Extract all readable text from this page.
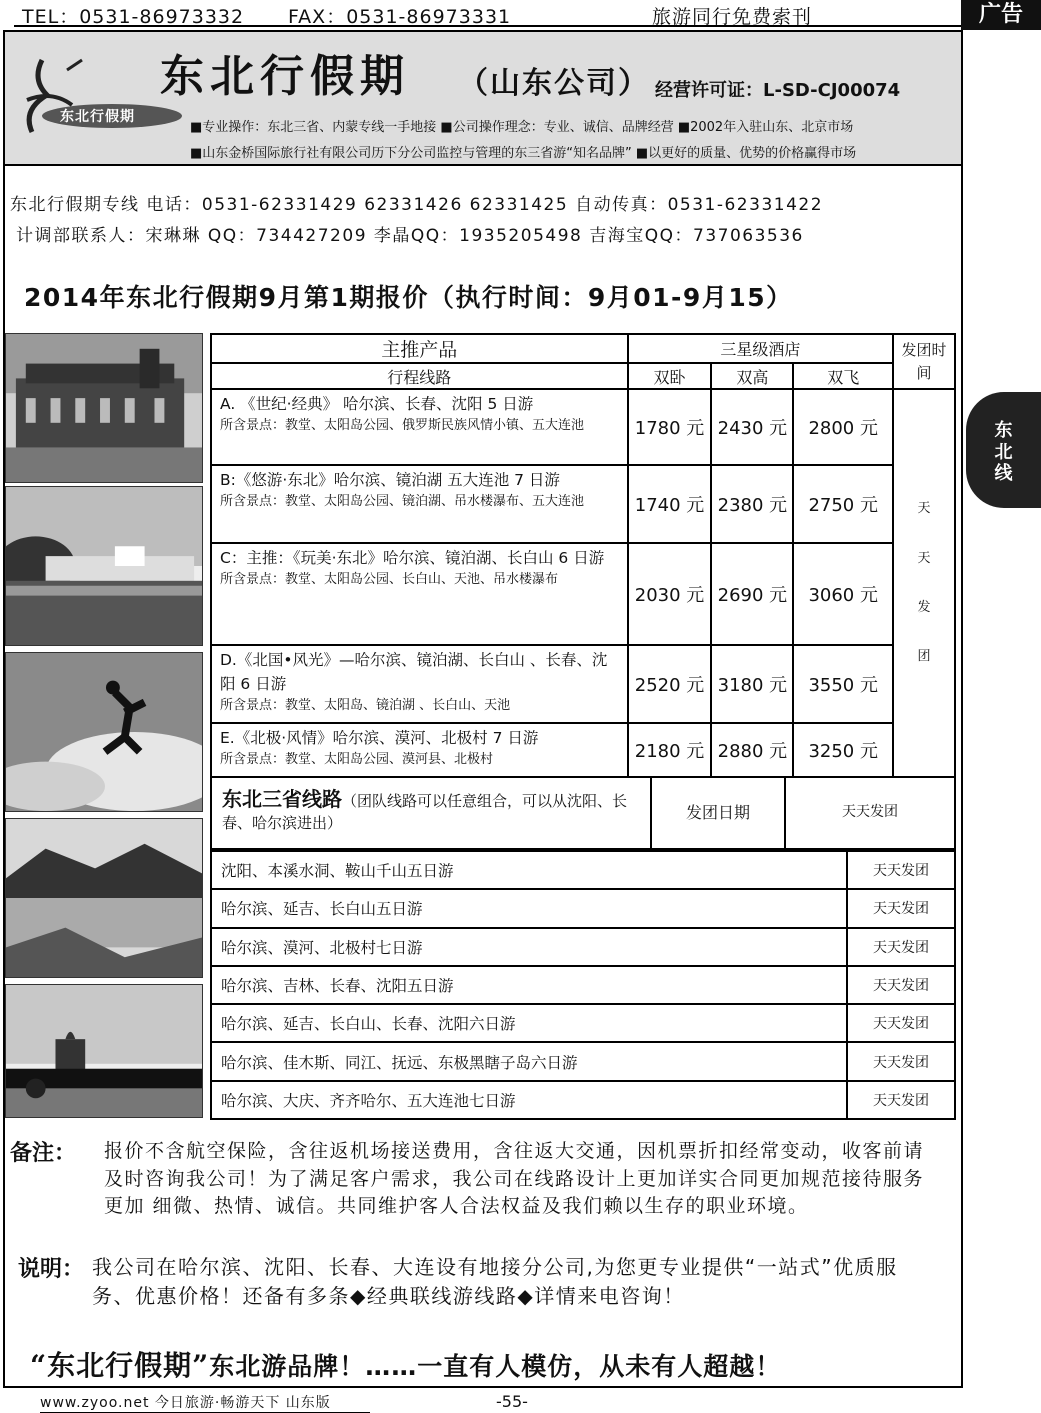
TEL：0531-86973332 FAX：0531-86973331	旅游同行免费索刊	广告
东北行假期
东北行假期 （山东公司） 经营许可证：L-SD-CJ00074
■专业操作：东北三省、内蒙专线一手地接 ■公司操作理念：专业、诚信、品牌经营 ■2002年入驻山东、北京市场
■山东金桥国际旅行社有限公司历下分公司监控与管理的东三省游“知名品牌” ■以更好的质量、优势的价格赢得市场
东北行假期专线 电话：0531-62331429 62331426 62331425 自动传真：0531-62331422
计调部联系人：宋琳琳 QQ：734427209 李晶QQ：1935205498 吉海宝QQ：737063536
2014年东北行假期9月第1期报价（执行时间：9月01-9月15）
主推产品	三星级酒店			发团时间
行程线路	双卧	双高	双飞	

A. 《世纪·经典》 哈尔滨、长春、沈阳 5 日游
所含景点：教堂、太阳岛公园、俄罗斯民族风情小镇、五大连池	1780 元	2430 元	2800 元	天天发团

B:《悠游·东北》哈尔滨、镜泊湖 五大连池 7 日游
所含景点：教堂、太阳岛公园、镜泊湖、吊水楼瀑布、五大连池	1740 元	2380 元	2750 元	

C：主推：《玩美·东北》哈尔滨、镜泊湖、长白山 6 日游
所含景点：教堂、太阳岛公园、长白山、天池、吊水楼瀑布	2030 元	2690 元	3060 元	

D.《北国•风光》—哈尔滨、镜泊湖、长白山 、长春、沈阳 6 日游
所含景点：教堂、太阳岛、镜泊湖 、长白山、天池	2520 元	3180 元	3550 元	

E.《北极·风情》哈尔滨、漠河、北极村 7 日游
所含景点：教堂、太阳岛公园、漠河县、北极村	2180 元	2880 元	3250 元	
东北三省线路（团队线路可以任意组合，可以从沈阳、长春、哈尔滨进出）
发团日期	天天发团
沈阳、本溪水洞、鞍山千山五日游	天天发团
哈尔滨、延吉、长白山五日游	天天发团
哈尔滨、漠河、北极村七日游	天天发团
哈尔滨、吉林、长春、沈阳五日游	天天发团
哈尔滨、延吉、长白山、长春、沈阳六日游	天天发团
哈尔滨、佳木斯、同江、抚远、东极黑瞎子岛六日游	天天发团
哈尔滨、大庆、齐齐哈尔、五大连池七日游	天天发团
东北线
备注： 报价不含航空保险，含往返机场接送费用，含往返大交通，因机票折扣经常变动，收客前请及时咨询我公司！为了满足客户需求，我公司在线路设计上更加详实合同更加规范接待服务更加 细微、热情、诚信。共同维护客人合法权益及我们赖以生存的职业环境。
说明： 我公司在哈尔滨、沈阳、长春、大连设有地接分公司,为您更专业提供“一站式”优质服务、优惠价格！还备有多条◆经典联线游线路◆详情来电咨询！
“东北行假期”东北游品牌！……一直有人模仿，从未有人超越！
www.zyoo.net 今日旅游·畅游天下 山东版	-55-
